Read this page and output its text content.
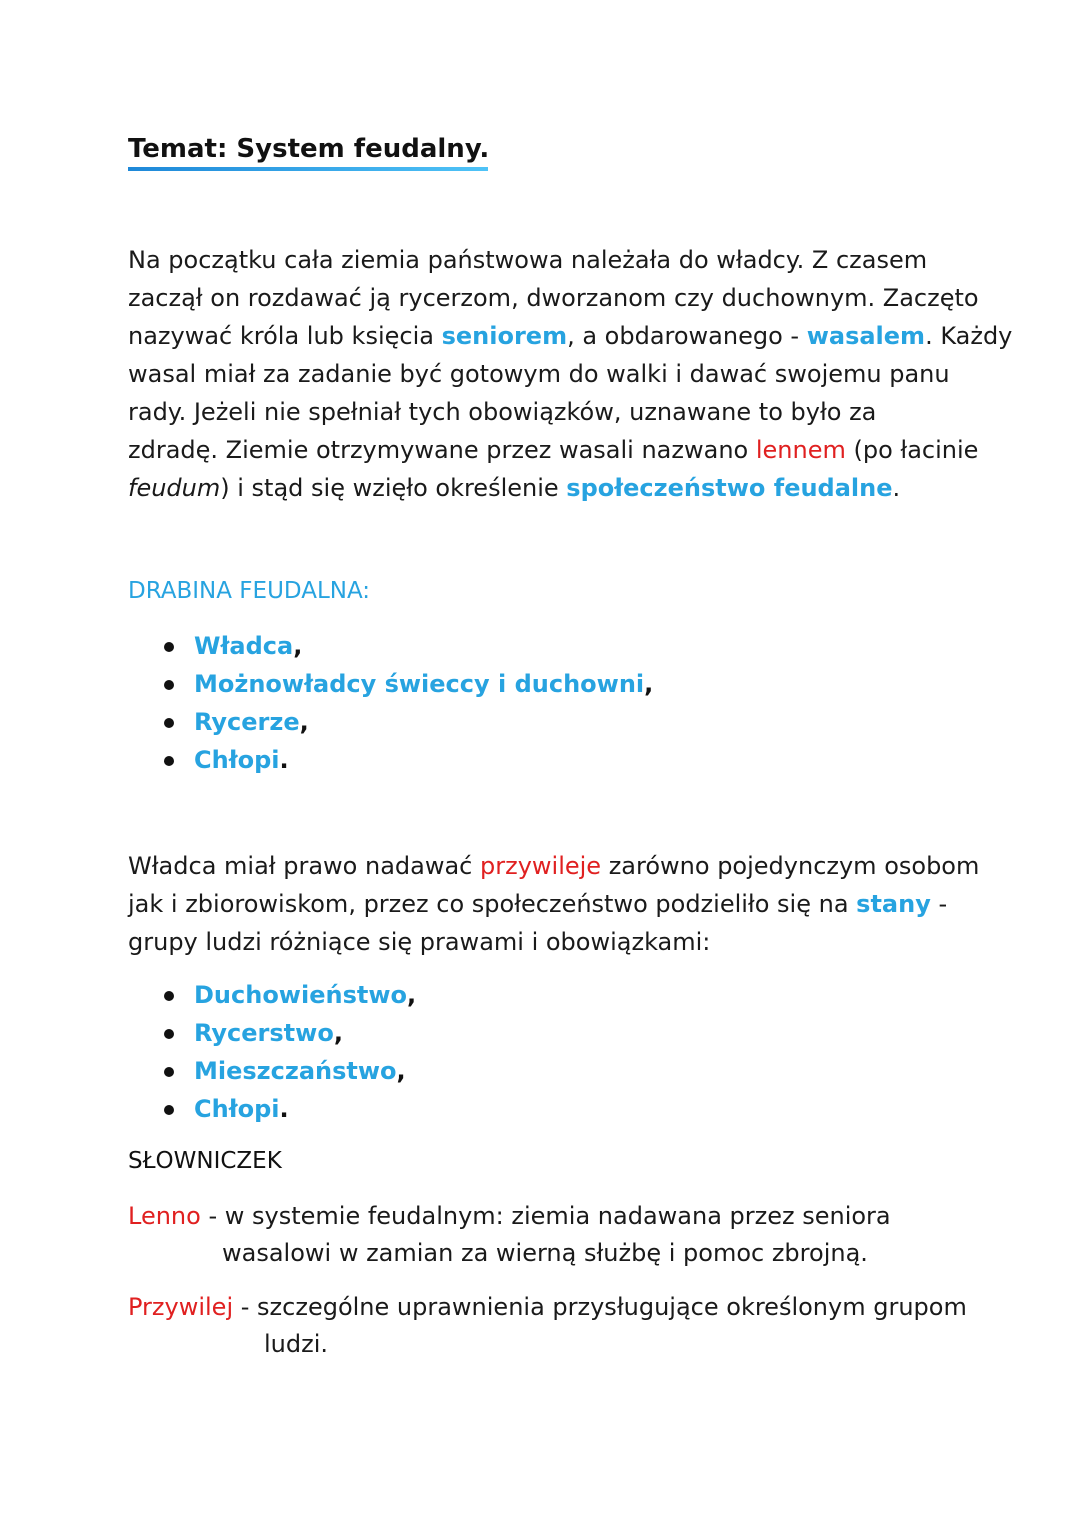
Temat: System feudalny.
Na początku cała ziemia państwowa należała do władcy. Z czasem
zaczął on rozdawać ją rycerzom, dworzanom czy duchownym. Zaczęto
nazywać króla lub księcia seniorem, a obdarowanego - wasalem. Każdy
wasal miał za zadanie być gotowym do walki i dawać swojemu panu
rady. Jeżeli nie spełniał tych obowiązków, uznawane to było za
zdradę. Ziemie otrzymywane przez wasali nazwano lennem (po łacinie
feudum) i stąd się wzięło określenie społeczeństwo feudalne.
DRABINA FEUDALNA:
Władca,
Możnowładcy świeccy i duchowni,
Rycerze,
Chłopi.
Władca miał prawo nadawać przywileje zarówno pojedynczym osobom
jak i zbiorowiskom, przez co społeczeństwo podzieliło się na stany -
grupy ludzi różniące się prawami i obowiązkami:
Duchowieństwo,
Rycerstwo,
Mieszczaństwo,
Chłopi.
SŁOWNICZEK
Lenno - w systemie feudalnym: ziemia nadawana przez seniora
wasalowi w zamian za wierną służbę i pomoc zbrojną.
Przywilej - szczególne uprawnienia przysługujące określonym grupom
ludzi.
